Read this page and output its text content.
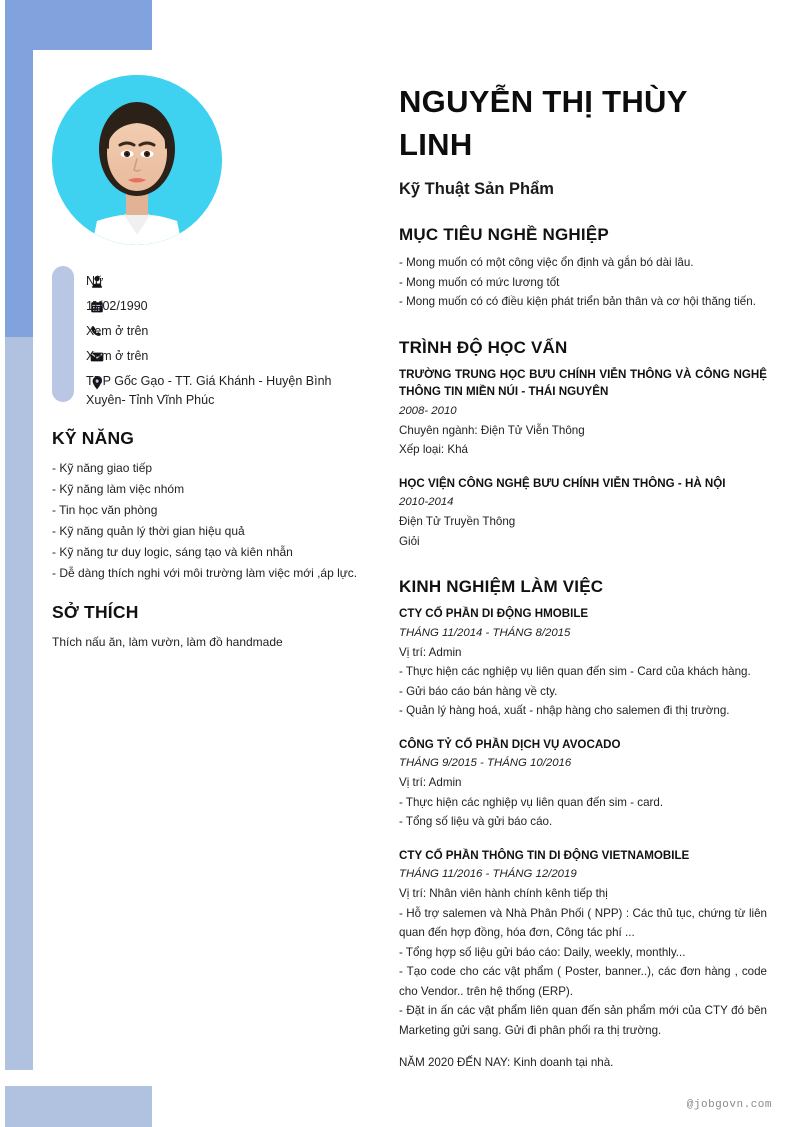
Nữ
11/02/1990
Xem ở trên
Xem ở trên
TDP Gốc Gạo - TT. Giá Khánh - Huyện Bình Xuyên- Tỉnh Vĩnh Phúc
KỸ NĂNG
- Kỹ năng giao tiếp
- Kỹ năng làm việc nhóm
- Tin học văn phòng
- Kỹ năng quản lý thời gian hiệu quả
- Kỹ năng tư duy logic, sáng tạo và kiên nhẫn
- Dễ dàng thích nghi với môi trường làm việc mới ,áp lực.
SỞ THÍCH
Thích nấu ăn, làm vườn, làm đồ handmade
NGUYỄN THỊ THÙY LINH
Kỹ Thuật Sản Phẩm
MỤC TIÊU NGHỀ NGHIỆP
- Mong muốn có một công việc ổn định và gắn bó dài lâu.
- Mong muốn có mức lương tốt
- Mong muốn có có điều kiện phát triển bản thân và cơ hội thăng tiến.
TRÌNH ĐỘ HỌC VẤN
TRƯỜNG TRUNG HỌC BƯU CHÍNH VIỄN THÔNG VÀ CÔNG NGHỆ THÔNG TIN MIỀN NÚI - THÁI NGUYÊN
2008- 2010
Chuyên ngành: Điện Tử Viễn Thông
Xếp loại: Khá
HỌC VIỆN CÔNG NGHỆ BƯU CHÍNH VIỄN THÔNG - HÀ NỘI
2010-2014
Điện Tử Truyền Thông
Giỏi
KINH NGHIỆM LÀM VIỆC
CTY CỔ PHẦN DI ĐỘNG HMOBILE
THÁNG 11/2014 - THÁNG 8/2015
Vị trí: Admin
- Thực hiện các nghiệp vụ liên quan đến sim - Card của khách hàng.
- Gửi báo cáo bán hàng về cty.
- Quản lý hàng hoá, xuất - nhập hàng cho salemen đi thị trường.
CÔNG TỶ CỔ PHẦN DỊCH VỤ AVOCADO
THÁNG 9/2015 - THÁNG 10/2016
Vị trí: Admin
- Thực hiện các nghiệp vụ liên quan đến sim - card.
- Tổng số liệu và gửi báo cáo.
CTY CỔ PHẦN THÔNG TIN DI ĐỘNG VIETNAMOBILE
THÁNG 11/2016 - THÁNG 12/2019
Vị trí: Nhân viên hành chính kênh tiếp thị
- Hỗ trợ salemen và Nhà Phân Phối ( NPP) : Các thủ tục, chứng từ liên quan đến hợp đồng, hóa đơn, Công tác phí ...
- Tổng hợp số liệu gửi báo cáo: Daily, weekly, monthly...
- Tạo code cho các vật phẩm ( Poster, banner..), các đơn hàng , code cho Vendor.. trên hệ thống (ERP).
- Đặt in ấn các vật phẩm liên quan đến sản phẩm mới của CTY đó bên Marketing gửi sang. Gửi đi phân phối ra thị trường.
NĂM 2020 ĐẾN NAY: Kinh doanh tại nhà.
@jobgovn.com
